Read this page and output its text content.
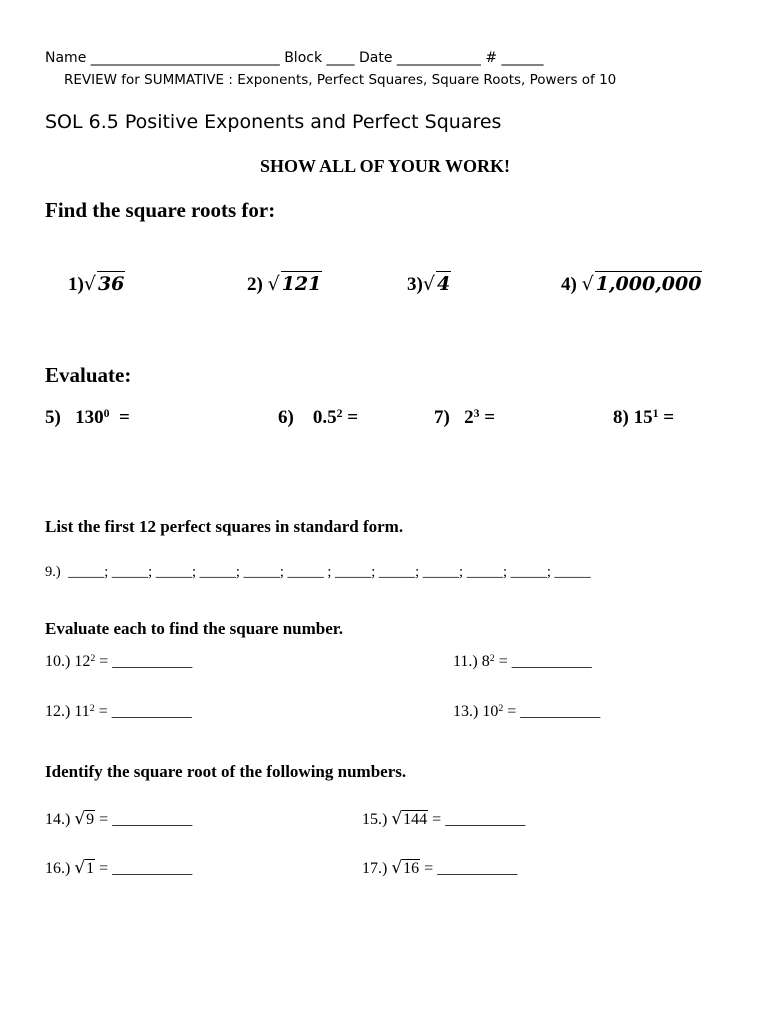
Name ___________________________ Block ____ Date ____________ # ______
REVIEW for SUMMATIVE : Exponents, Perfect Squares, Square Roots, Powers of 10
SOL 6.5 Positive Exponents and Perfect Squares
SHOW ALL OF YOUR WORK!
Find the square roots for:
1)√ 36	2) √ 121	3)√ 4	4) √ 1,000,000
Evaluate:
5) $130^0$  =	6) $0.5^2$ =	7) $2^3$ =	8) $15^1$ =
List the first 12 perfect squares in standard form.
9.)  _____; _____; _____; _____; _____; _____ ; _____; _____; _____; _____; _____; _____
Evaluate each to find the square number.
10.) $12^2$ = __________	11.) $8^2$ = __________
12.) $11^2$ = __________	13.) $10^2$ = __________
Identify the square root of the following numbers.
14.) √9 = __________	15.) √144 = __________
16.) √1 = __________	17.) √16 = __________
